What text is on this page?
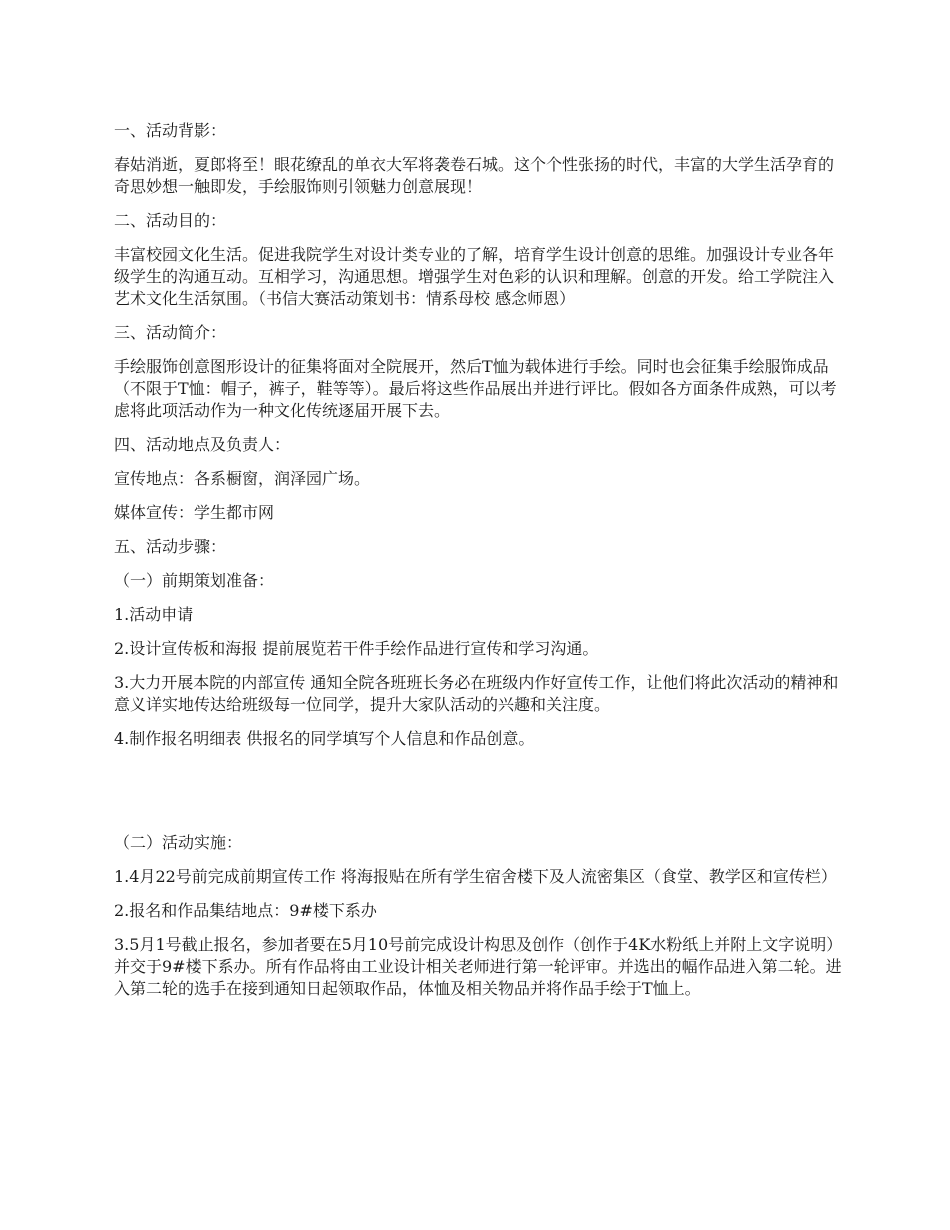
一、活动背影：

春姑消逝，夏郎将至！眼花缭乱的单衣大军将袭卷石城。这个个性张扬的时代，丰富的大学生活孕育的奇思妙想一触即发，手绘服饰则引领魅力创意展现！

二、活动目的：

丰富校园文化生活。促进我院学生对设计类专业的了解，培育学生设计创意的思维。加强设计专业各年级学生的沟通互动。互相学习，沟通思想。增强学生对色彩的认识和理解。创意的开发。给工学院注入艺术文化生活氛围。（书信大赛活动策划书：情系母校 感念师恩）

三、活动简介：

手绘服饰创意图形设计的征集将面对全院展开，然后T恤为载体进行手绘。同时也会征集手绘服饰成品（不限于T恤：帽子，裤子，鞋等等）。最后将这些作品展出并进行评比。假如各方面条件成熟，可以考虑将此项活动作为一种文化传统逐届开展下去。

四、活动地点及负责人：

宣传地点：各系橱窗，润泽园广场。

媒体宣传：学生都市网

五、活动步骤：

（一）前期策划准备：

1.活动申请

2.设计宣传板和海报 提前展览若干件手绘作品进行宣传和学习沟通。

3.大力开展本院的内部宣传 通知全院各班班长务必在班级内作好宣传工作，让他们将此次活动的精神和意义详实地传达给班级每一位同学，提升大家队活动的兴趣和关注度。

4.制作报名明细表 供报名的同学填写个人信息和作品创意。

（二）活动实施：

1.4月22号前完成前期宣传工作 将海报贴在所有学生宿舍楼下及人流密集区（食堂、教学区和宣传栏）

2.报名和作品集结地点：9#楼下系办

3.5月1号截止报名，参加者要在5月10号前完成设计构思及创作（创作于4K水粉纸上并附上文字说明）并交于9#楼下系办。所有作品将由工业设计相关老师进行第一轮评审。并选出的幅作品进入第二轮。进入第二轮的选手在接到通知日起领取作品，体恤及相关物品并将作品手绘于T恤上。
